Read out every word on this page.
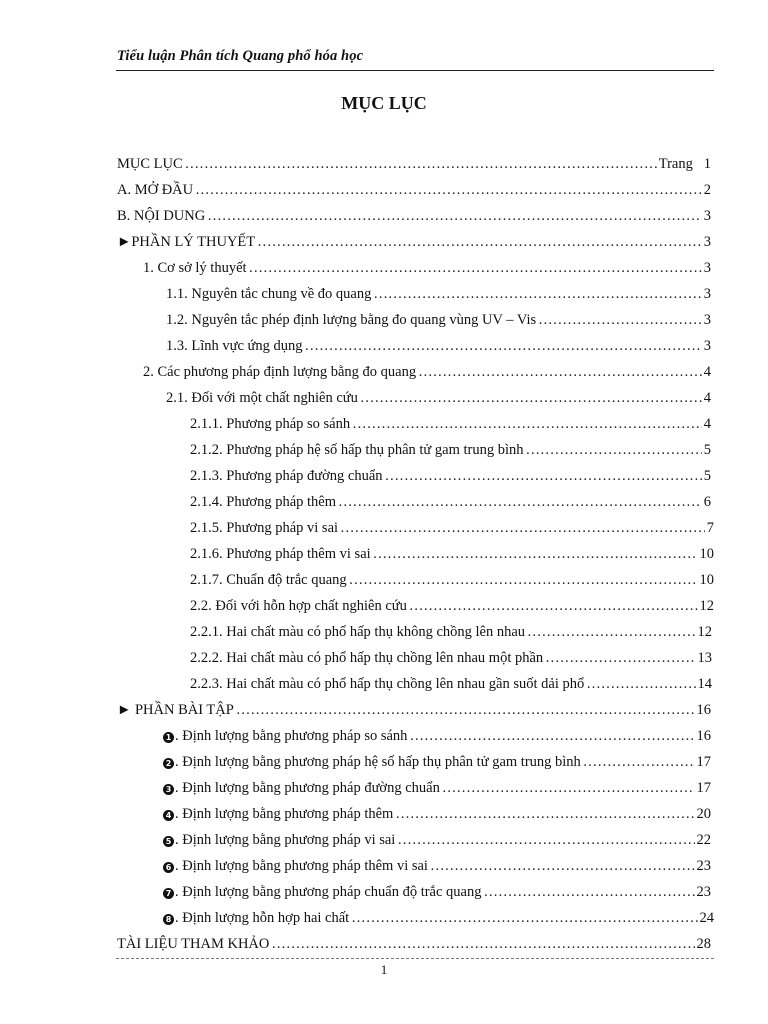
Tiểu luận Phân tích Quang phổ hóa học
MỤC LỤC
MỤC LỤC ……………………………………………………………………………………………………………………………………………………………………	Trang   1
A. MỞ ĐẦU ……………………………………………………………………………………………………………………………………………………………………	2
B. NỘI DUNG ……………………………………………………………………………………………………………………………………………………………………	3
►PHẦN LÝ THUYẾT ……………………………………………………………………………………………………………………………………………………………………	3
1. Cơ sở lý thuyết ……………………………………………………………………………………………………………………………………………………………………	3
1.1. Nguyên tắc chung về đo quang ……………………………………………………………………………………………………………………………………………………………………	3
1.2. Nguyên tắc phép định lượng bằng đo quang vùng UV – Vis ……………………………………………………………………………………………………………………………………………………………………	3
1.3. Lĩnh vực ứng dụng ……………………………………………………………………………………………………………………………………………………………………	3
2. Các phương pháp định lượng bằng đo quang ……………………………………………………………………………………………………………………………………………………………………	4
2.1. Đối với một chất nghiên cứu ……………………………………………………………………………………………………………………………………………………………………	4
2.1.1. Phương pháp so sánh ……………………………………………………………………………………………………………………………………………………………………	4
2.1.2. Phương pháp hệ số hấp thụ phân tử gam trung bình ……………………………………………………………………………………………………………………………………………………………………	5
2.1.3. Phương pháp đường chuẩn ……………………………………………………………………………………………………………………………………………………………………	5
2.1.4. Phương pháp thêm ……………………………………………………………………………………………………………………………………………………………………	6
2.1.5. Phương pháp vi sai ……………………………………………………………………………………………………………………………………………………………………	7
2.1.6. Phương pháp thêm vi sai ……………………………………………………………………………………………………………………………………………………………………	10
2.1.7. Chuẩn độ trắc quang ……………………………………………………………………………………………………………………………………………………………………	10
2.2. Đối với hỗn hợp chất nghiên cứu ……………………………………………………………………………………………………………………………………………………………………	12
2.2.1. Hai chất màu có phổ hấp thụ không chồng lên nhau ……………………………………………………………………………………………………………………………………………………………………	12
2.2.2. Hai chất màu có phổ hấp thụ chồng lên nhau một phần ……………………………………………………………………………………………………………………………………………………………………	13
2.2.3. Hai chất màu có phổ hấp thụ chồng lên nhau gần suốt dải phổ ……………………………………………………………………………………………………………………………………………………………………	14
► PHẦN BÀI TẬP ……………………………………………………………………………………………………………………………………………………………………	16
1 . Định lượng bằng phương pháp so sánh ……………………………………………………………………………………………………………………………………………………………………	16
2 . Định lượng bằng phương pháp hệ số hấp thụ phân tử gam trung bình ……………………………………………………………………………………………………………………………………………………………………	17
3 . Định lượng bằng phương pháp đường chuẩn ……………………………………………………………………………………………………………………………………………………………………	17
4 . Định lượng bằng phương pháp thêm ……………………………………………………………………………………………………………………………………………………………………	20
5 . Định lượng bằng phương pháp vi sai ……………………………………………………………………………………………………………………………………………………………………	22
6 . Định lượng bằng phương pháp thêm vi sai ……………………………………………………………………………………………………………………………………………………………………	23
7 . Định lượng bằng phương pháp chuẩn độ trắc quang ……………………………………………………………………………………………………………………………………………………………………	23
8 . Định lượng hỗn hợp hai chất ……………………………………………………………………………………………………………………………………………………………………	24
TÀI LIỆU THAM KHẢO ……………………………………………………………………………………………………………………………………………………………………	28
1
